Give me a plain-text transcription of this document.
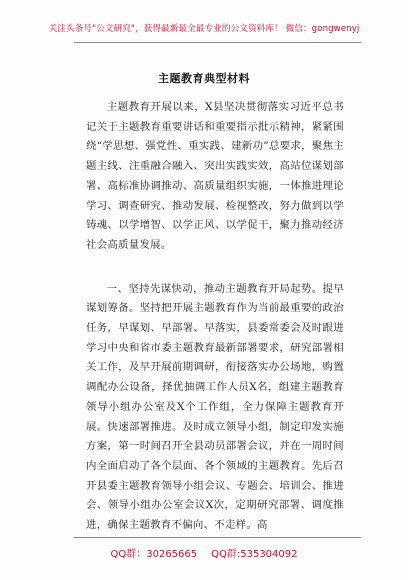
关注头条号"公文研究"，获得最新最全最专业的公文资料库！ 微信：gongwenyj
主题教育典型材料

主题教育开展以来，X县坚决贯彻落实习近平总书记关于主题教育重要讲话和重要指示批示精神，紧紧围绕“学思想、强党性、重实践、建新功”总要求，聚焦主题主线、注重融合融入、突出实践实效，高站位谋划部署、高标准协调推动、高质量组织实施，一体推进理论学习、调查研究、推动发展、检视整改，努力做到以学铸魂、以学增智、以学正风、以学促干，聚力推动经济社会高质量发展。

一、坚持先谋快动，推动主题教育开局起势。提早谋划筹备。坚持把开展主题教育作为当前最重要的政治任务，早谋划、早部署、早落实，县委常委会及时跟进学习中央和省市委主题教育最新部署要求，研究部署相关工作，及早开展前期调研，衔接落实办公场地，购置调配办公设备，择优抽调工作人员X名，组建主题教育领导小组办公室及X个工作组，全力保障主题教育开展。快速部署推进。及时成立领导小组，制定印发实施方案，第一时间召开全县动员部署会议，并在一周时间内全面启动了各个层面、各个领域的主题教育。先后召开县委主题教育领导小组会议、专题会、培训会、推进会、领导小组办公室会议X次，定期研究部署、调度推进，确保主题教育不偏向、不走样。高

QQ群：30265665 QQ群:535304092
